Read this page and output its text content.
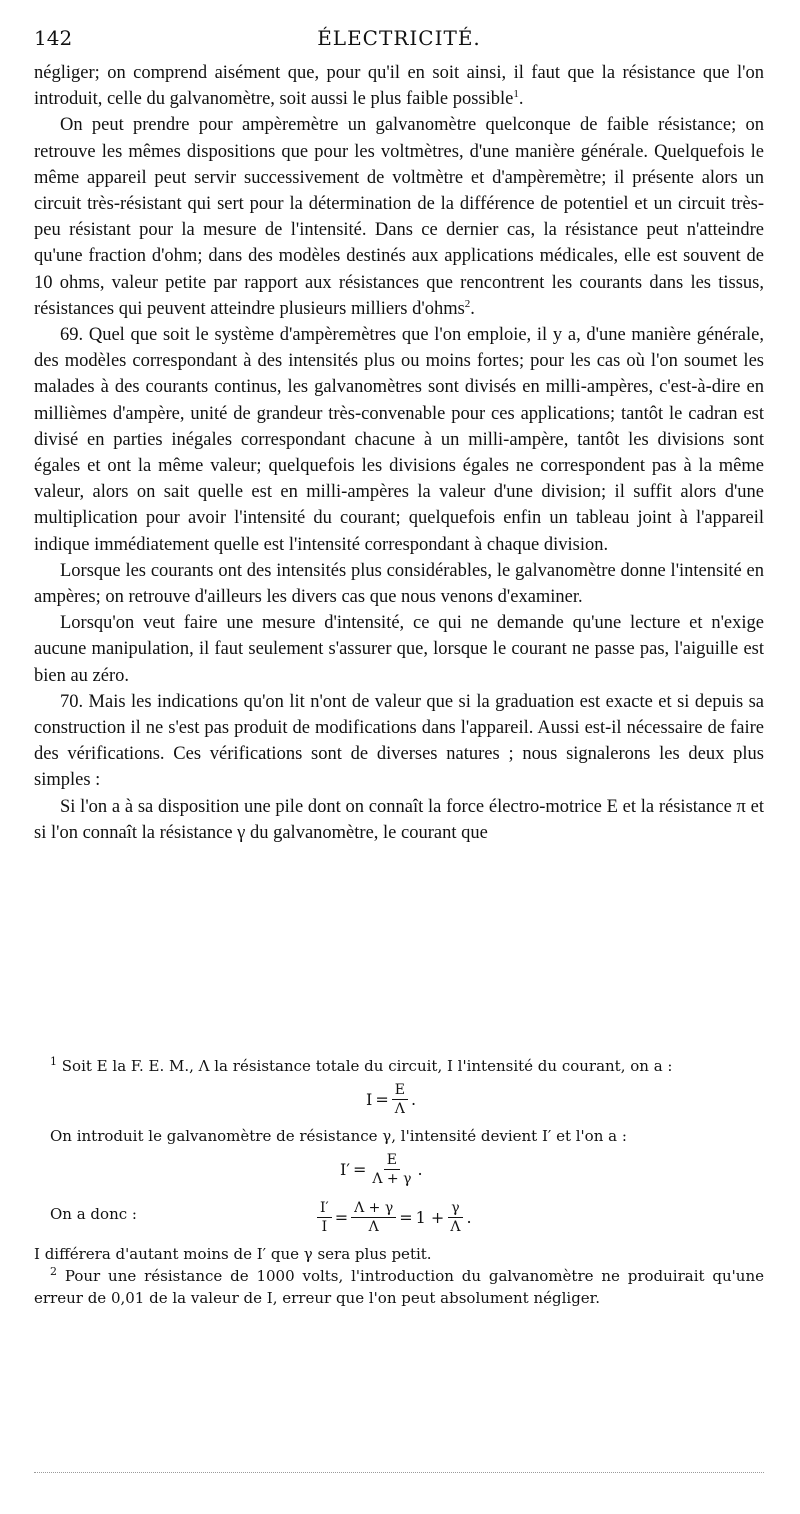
142	ÉLECTRICITÉ.

négliger; on comprend aisément que, pour qu'il en soit ainsi, il faut que la résistance que l'on introduit, celle du galvanomètre, soit aussi le plus faible possible$^1$.

On peut prendre pour ampèremètre un galvanomètre quelconque de faible résistance; on retrouve les mêmes dispositions que pour les voltmètres, d'une manière générale. Quelquefois le même appareil peut servir successivement de voltmètre et d'ampèremètre; il présente alors un circuit très-résistant qui sert pour la détermination de la différence de potentiel et un circuit très-peu résistant pour la mesure de l'intensité. Dans ce dernier cas, la résistance peut n'atteindre qu'une fraction d'ohm; dans des modèles destinés aux applications médicales, elle est souvent de 10 ohms, valeur petite par rapport aux résistances que rencontrent les courants dans les tissus, résistances qui peuvent atteindre plusieurs milliers d'ohms$^2$.

69. Quel que soit le système d'ampèremètres que l'on emploie, il y a, d'une manière générale, des modèles correspondant à des intensités plus ou moins fortes; pour les cas où l'on soumet les malades à des courants continus, les galvanomètres sont divisés en milli-ampères, c'est-à-dire en millièmes d'ampère, unité de grandeur très-convenable pour ces applications; tantôt le cadran est divisé en parties inégales correspondant chacune à un milli-ampère, tantôt les divisions sont égales et ont la même valeur; quelquefois les divisions égales ne correspondent pas à la même valeur, alors on sait quelle est en milli-ampères la valeur d'une division; il suffit alors d'une multiplication pour avoir l'intensité du courant; quelquefois enfin un tableau joint à l'appareil indique immédiatement quelle est l'intensité correspondant à chaque division.

Lorsque les courants ont des intensités plus considérables, le galvanomètre donne l'intensité en ampères; on retrouve d'ailleurs les divers cas que nous venons d'examiner.

Lorsqu'on veut faire une mesure d'intensité, ce qui ne demande qu'une lecture et n'exige aucune manipulation, il faut seulement s'assurer que, lorsque le courant ne passe pas, l'aiguille est bien au zéro.

70. Mais les indications qu'on lit n'ont de valeur que si la graduation est exacte et si depuis sa construction il ne s'est pas produit de modifications dans l'appareil. Aussi est-il nécessaire de faire des vérifications. Ces vérifications sont de diverses natures ; nous signalerons les deux plus simples :

Si l'on a à sa disposition une pile dont on connaît la force électro-motrice E et la résistance π et si l'on connaît la résistance γ du galvanomètre, le courant que

$^1$ Soit E la F. E. M., Λ la résistance totale du circuit, I l'intensité du courant, on a :

$I = \frac{E}{\Lambda}$ .

On introduit le galvanomètre de résistance γ, l'intensité devient I′ et l'on a :

$I' = \frac{E}{\Lambda + \gamma}$ .
On a donc :	$\frac{I'}{I} = \frac{\Lambda + \gamma}{\Lambda} = 1 + \frac{\gamma}{\Lambda}$ .

I différera d'autant moins de I′ que γ sera plus petit.

$^2$ Pour une résistance de 1000 volts, l'introduction du galvanomètre ne produirait qu'une erreur de 0,01 de la valeur de I, erreur que l'on peut absolument négliger.
